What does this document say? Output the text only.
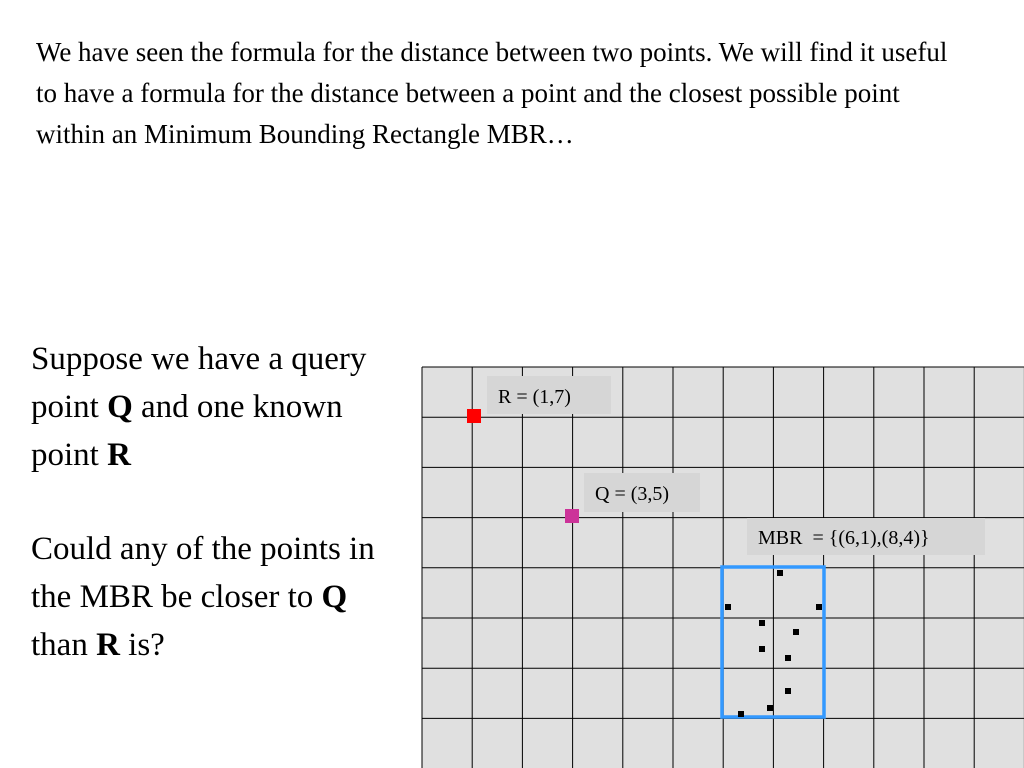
We have seen the formula for the distance between two points. We will find it useful to have a formula for the distance between a point and the closest possible point within an Minimum Bounding Rectangle MBR…

Suppose we have a query point Q and one known point R

Could any of the points in the MBR be closer to Q than R is?

R = (1,7)
Q = (3,5)
MBR  = {(6,1),(8,4)}
